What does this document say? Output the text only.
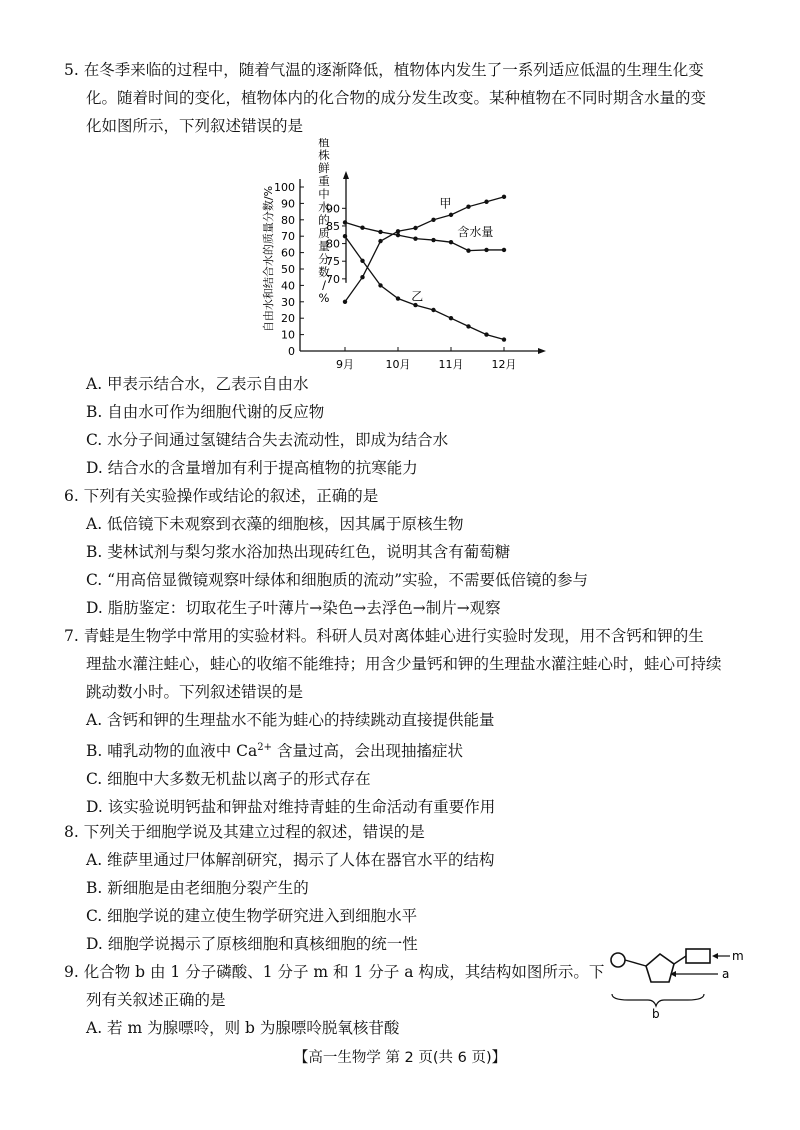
5. 在冬季来临的过程中，随着气温的逐渐降低，植物体内发生了一系列适应低温的生理生化变

化。随着时间的变化，植物体内的化合物的成分发生改变。某种植物在不同时期含水量的变

化如图所示，下列叙述错误的是

0
10
20
30
40
50
60
70
80
90
100
70
75
80
85
90
9月	10月	11月	12月
自由水和结合水的质量分数/%
植
株
鲜
重
中
水
的
质
量
分
数
/
%
甲
乙
含水量

A. 甲表示结合水，乙表示自由水

B. 自由水可作为细胞代谢的反应物

C. 水分子间通过氢键结合失去流动性，即成为结合水

D. 结合水的含量增加有利于提高植物的抗寒能力

6. 下列有关实验操作或结论的叙述，正确的是

A. 低倍镜下未观察到衣藻的细胞核，因其属于原核生物

B. 斐林试剂与梨匀浆水浴加热出现砖红色，说明其含有葡萄糖

C. “用高倍显微镜观察叶绿体和细胞质的流动”实验，不需要低倍镜的参与

D. 脂肪鉴定：切取花生子叶薄片→染色→去浮色→制片→观察

7. 青蛙是生物学中常用的实验材料。科研人员对离体蛙心进行实验时发现，用不含钙和钾的生

理盐水灌注蛙心，蛙心的收缩不能维持；用含少量钙和钾的生理盐水灌注蛙心时，蛙心可持续

跳动数小时。下列叙述错误的是

A. 含钙和钾的生理盐水不能为蛙心的持续跳动直接提供能量

B. 哺乳动物的血液中 $Ca^{2+}$ 含量过高，会出现抽搐症状

C. 细胞中大多数无机盐以离子的形式存在

D. 该实验说明钙盐和钾盐对维持青蛙的生命活动有重要作用

8. 下列关于细胞学说及其建立过程的叙述，错误的是

A. 维萨里通过尸体解剖研究，揭示了人体在器官水平的结构

B. 新细胞是由老细胞分裂产生的

C. 细胞学说的建立使生物学研究进入到细胞水平

D. 细胞学说揭示了原核细胞和真核细胞的统一性

9. 化合物 b 由 1 分子磷酸、1 分子 m 和 1 分子 a 构成，其结构如图所示。下

列有关叙述正确的是

A. 若 m 为腺嘌呤，则 b 为腺嘌呤脱氧核苷酸

m
a
b
【高一生物学 第 2 页(共 6 页)】
